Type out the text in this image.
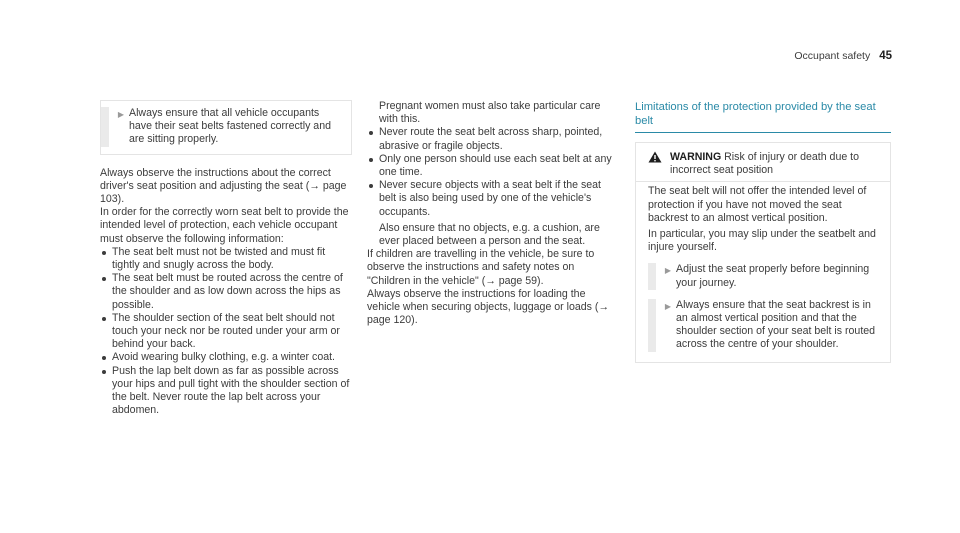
Occupant safety 45
▶ Always ensure that all vehicle occupants have their seat belts fastened correctly and are sitting properly.

Always observe the instructions about the correct driver's seat position and adjusting the seat (→ page 103).

In order for the correctly worn seat belt to provide the intended level of protection, each vehicle occupant must observe the following information:

The seat belt must not be twisted and must fit tightly and snugly across the body.
The seat belt must be routed across the centre of the shoulder and as low down across the hips as possible.
The shoulder section of the seat belt should not touch your neck nor be routed under your arm or behind your back.
Avoid wearing bulky clothing, e.g. a winter coat.
Push the lap belt down as far as possible across your hips and pull tight with the shoulder section of the belt. Never route the lap belt across your abdomen.

Pregnant women must also take particular care with this.

Never route the seat belt across sharp, pointed, abrasive or fragile objects.
Only one person should use each seat belt at any one time.
Never secure objects with a seat belt if the seat belt is also being used by one of the vehicle's occupants.

Also ensure that no objects, e.g. a cushion, are ever placed between a person and the seat.

If children are travelling in the vehicle, be sure to observe the instructions and safety notes on "Children in the vehicle" (→ page 59).

Always observe the instructions for loading the vehicle when securing objects, luggage or loads (→ page 120).

Limitations of the protection provided by the seat
belt
WARNING Risk of injury or death due to incorrect seat position

The seat belt will not offer the intended level of protection if you have not moved the seat backrest to an almost vertical position.

In particular, you may slip under the seatbelt and injure yourself.

▶ Adjust the seat properly before beginning your journey.
▶ Always ensure that the seat backrest is in an almost vertical position and that the shoulder section of your seat belt is routed across the centre of your shoulder.
